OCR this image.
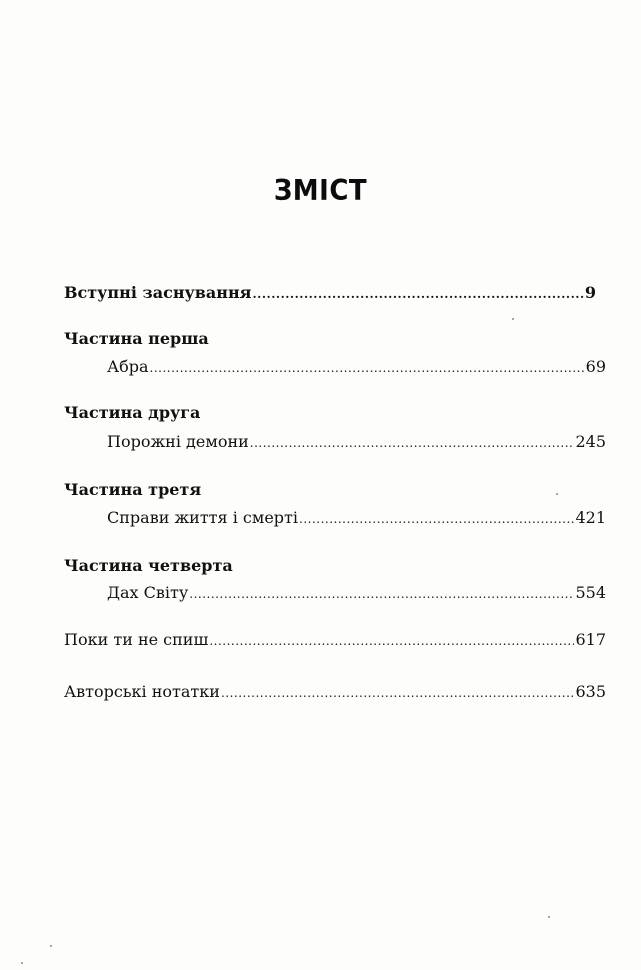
ЗМІСТ
Вступні заснування .....	9
Частина перша
Абра .....	69
Частина друга
Порожні демони .....	245
Частина третя
Справи життя і смерті .....	421
Частина четверта
Дах Світу .....	554
Поки ти не спиш .....	617
Авторські нотатки .....	635
